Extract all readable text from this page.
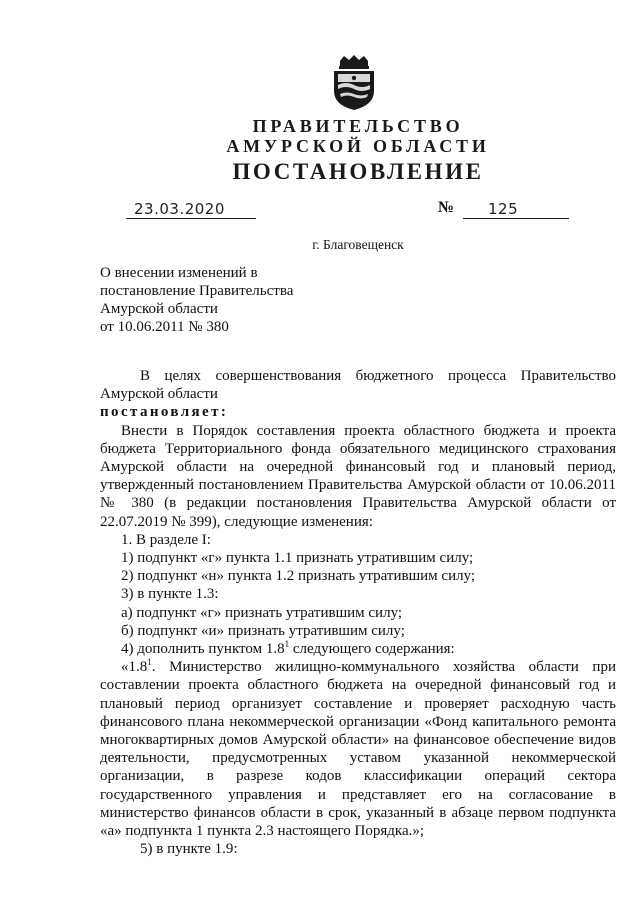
ПРАВИТЕЛЬСТВО
АМУРСКОЙ ОБЛАСТИ
ПОСТАНОВЛЕНИЕ
23.03.2020	№ 125
г. Благовещенск
О внесении изменений в
постановление Правительства
Амурской области
от 10.06.2011 № 380

В целях совершенствования бюджетного процесса Правительство Амурской области

постановляет:

Внести в Порядок составления проекта областного бюджета и проекта бюджета Территориального фонда обязательного медицинского страхования Амурской области на очередной финансовый год и плановый период, утвержденный постановлением Правительства Амурской области от 10.06.2011 № 380 (в редакции постановления Правительства Амурской области от 22.07.2019 № 399), следующие изменения:

1. В разделе I:

1) подпункт «г» пункта 1.1 признать утратившим силу;

2) подпункт «н» пункта 1.2 признать утратившим силу;

3) в пункте 1.3:

а) подпункт «г» признать утратившим силу;

б) подпункт «и» признать утратившим силу;

4) дополнить пунктом $1.8^1$ следующего содержания:

«$1.8^1$. Министерство жилищно-коммунального хозяйства области при составлении проекта областного бюджета на очередной финансовый год и плановый период организует составление и проверяет расходную часть финансового плана некоммерческой организации «Фонд капитального ремонта многоквартирных домов Амурской области» на финансовое обеспечение видов деятельности, предусмотренных уставом указанной некоммерческой организации, в разрезе кодов классификации операций сектора государственного управления и представляет его на согласование в министерство финансов области в срок, указанный в абзаце первом подпункта «а» подпункта 1 пункта 2.3 настоящего Порядка.»;

5) в пункте 1.9:
